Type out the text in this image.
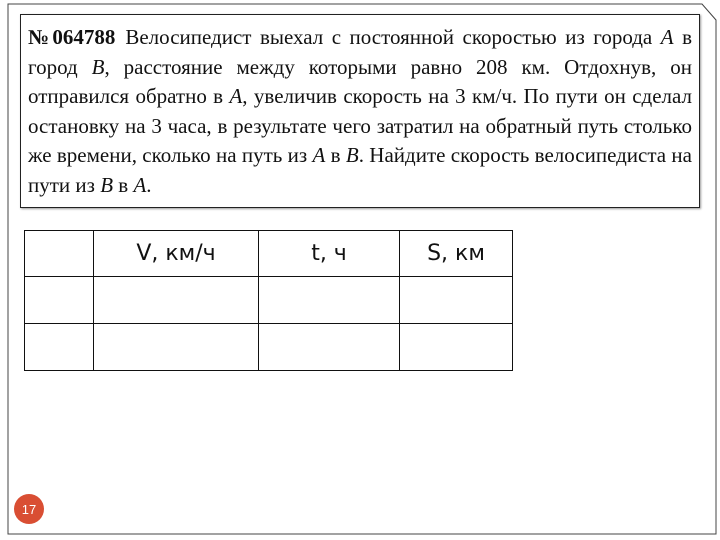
№064788 Велосипедист выехал с постоянной скоростью из города A в город B, расстояние между которыми равно 208 км. Отдохнув, он отправился обратно в A, увеличив скорость на 3 км/ч. По пути он сделал остановку на 3 часа, в результате чего затратил на обратный путь столько же времени, сколько на путь из A в B. Найдите скорость велосипедиста на пути из B в A.

	V, км/ч	t, ч	S, км

17
